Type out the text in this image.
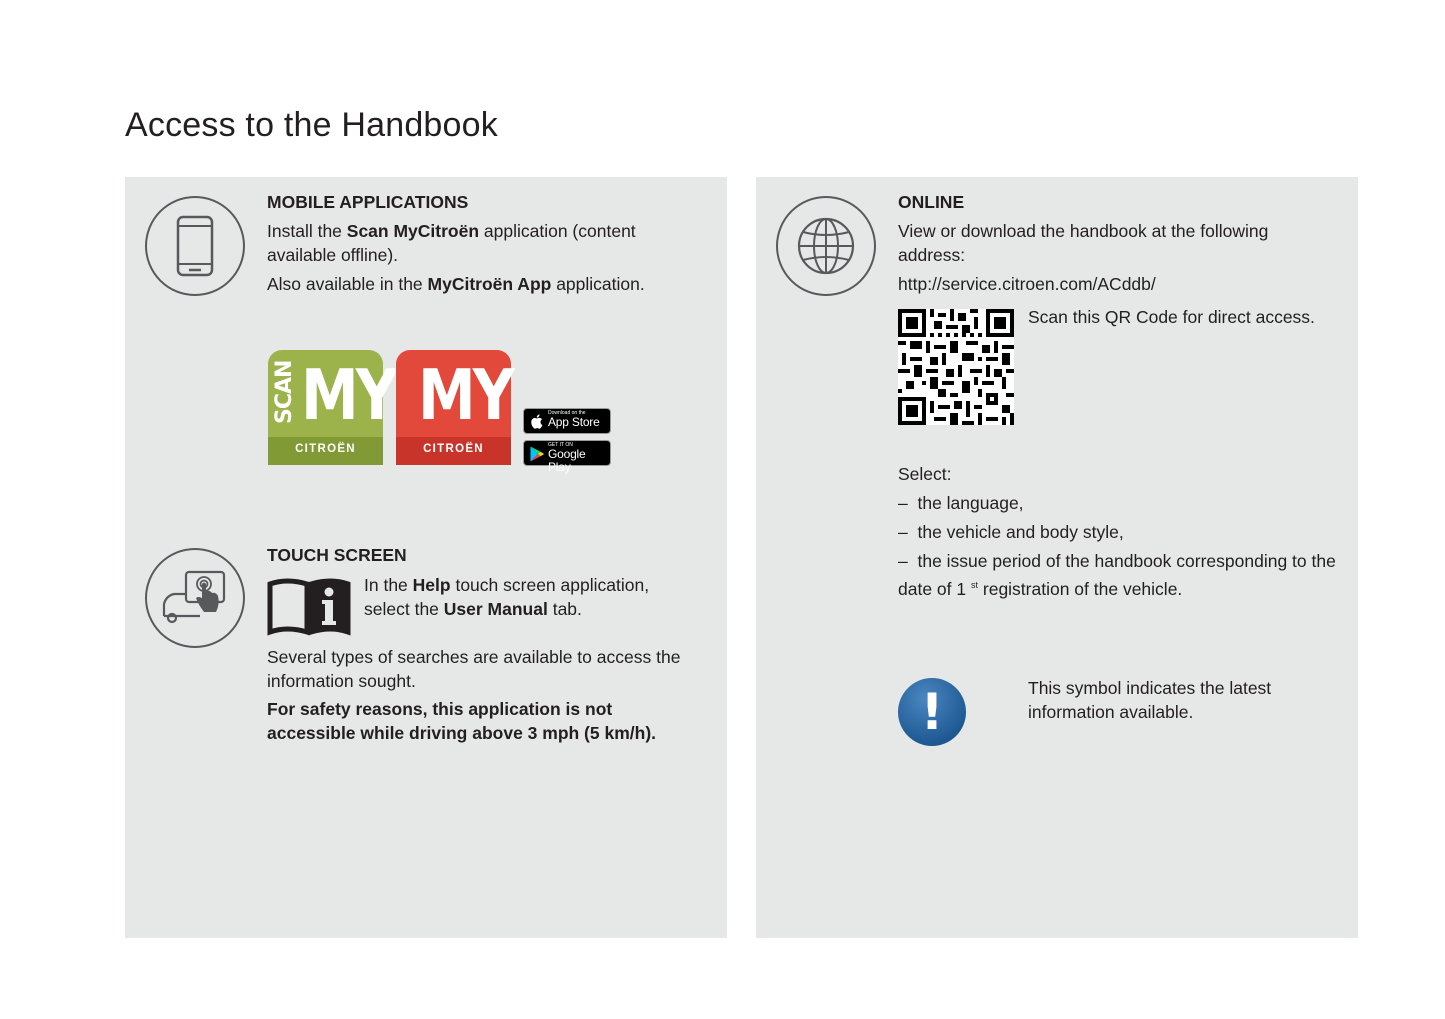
Access to the Handbook
MOBILE APPLICATIONS

Install the Scan MyCitroën application (content available offline).

Also available in the MyCitroën App application.

SCAN MY
CITROËN
MY
CITROËN
Download on the
App Store
GET IT ON
Google Play
TOUCH SCREEN

In the Help touch screen application,
select the User Manual tab.

Several types of searches are available to access the information sought.

For safety reasons, this application is not accessible while driving above 3 mph (5 km/h).

ONLINE

View or download the handbook at the following address:

http://service.citroen.com/ACddb/

Scan this QR Code for direct access.

Select:

– the language,

– the vehicle and body style,

– the issue period of the handbook corresponding to the date of 1 $^{st}$ registration of the vehicle.

!	This symbol indicates the latest information available.
